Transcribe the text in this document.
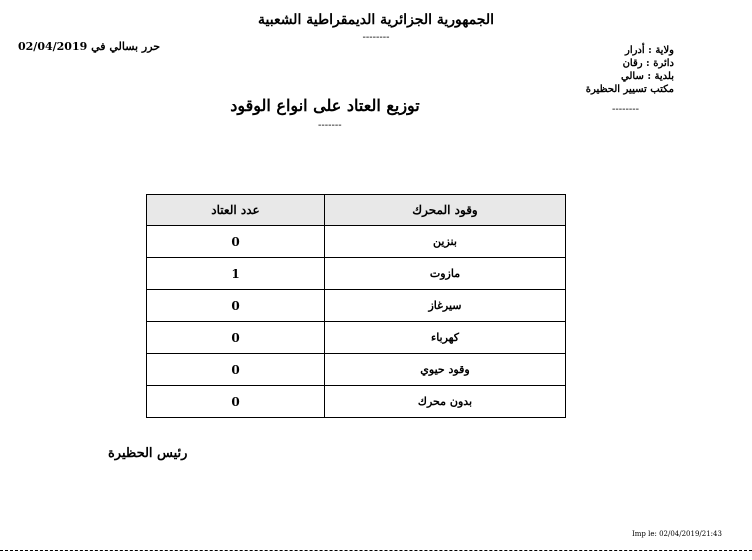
الجمهورية الجزائرية الديمقراطية الشعبية
--------
حرر بسالي في 02/04/2019	ولاية : أدرار
دائرة : رقان
بلدية : سالي
مكتب تسيير الحظيرة
--------
توزيع العتاد على انواع الوقود
-------
وقود المحرك	عدد العتاد
بنزين	0
مازوت	1
سيرغاز	0
كهرباء	0
وقود حيوي	0
بدون محرك	0
رئيس الحظيرة
Imp le: 02/04/2019/21:43
